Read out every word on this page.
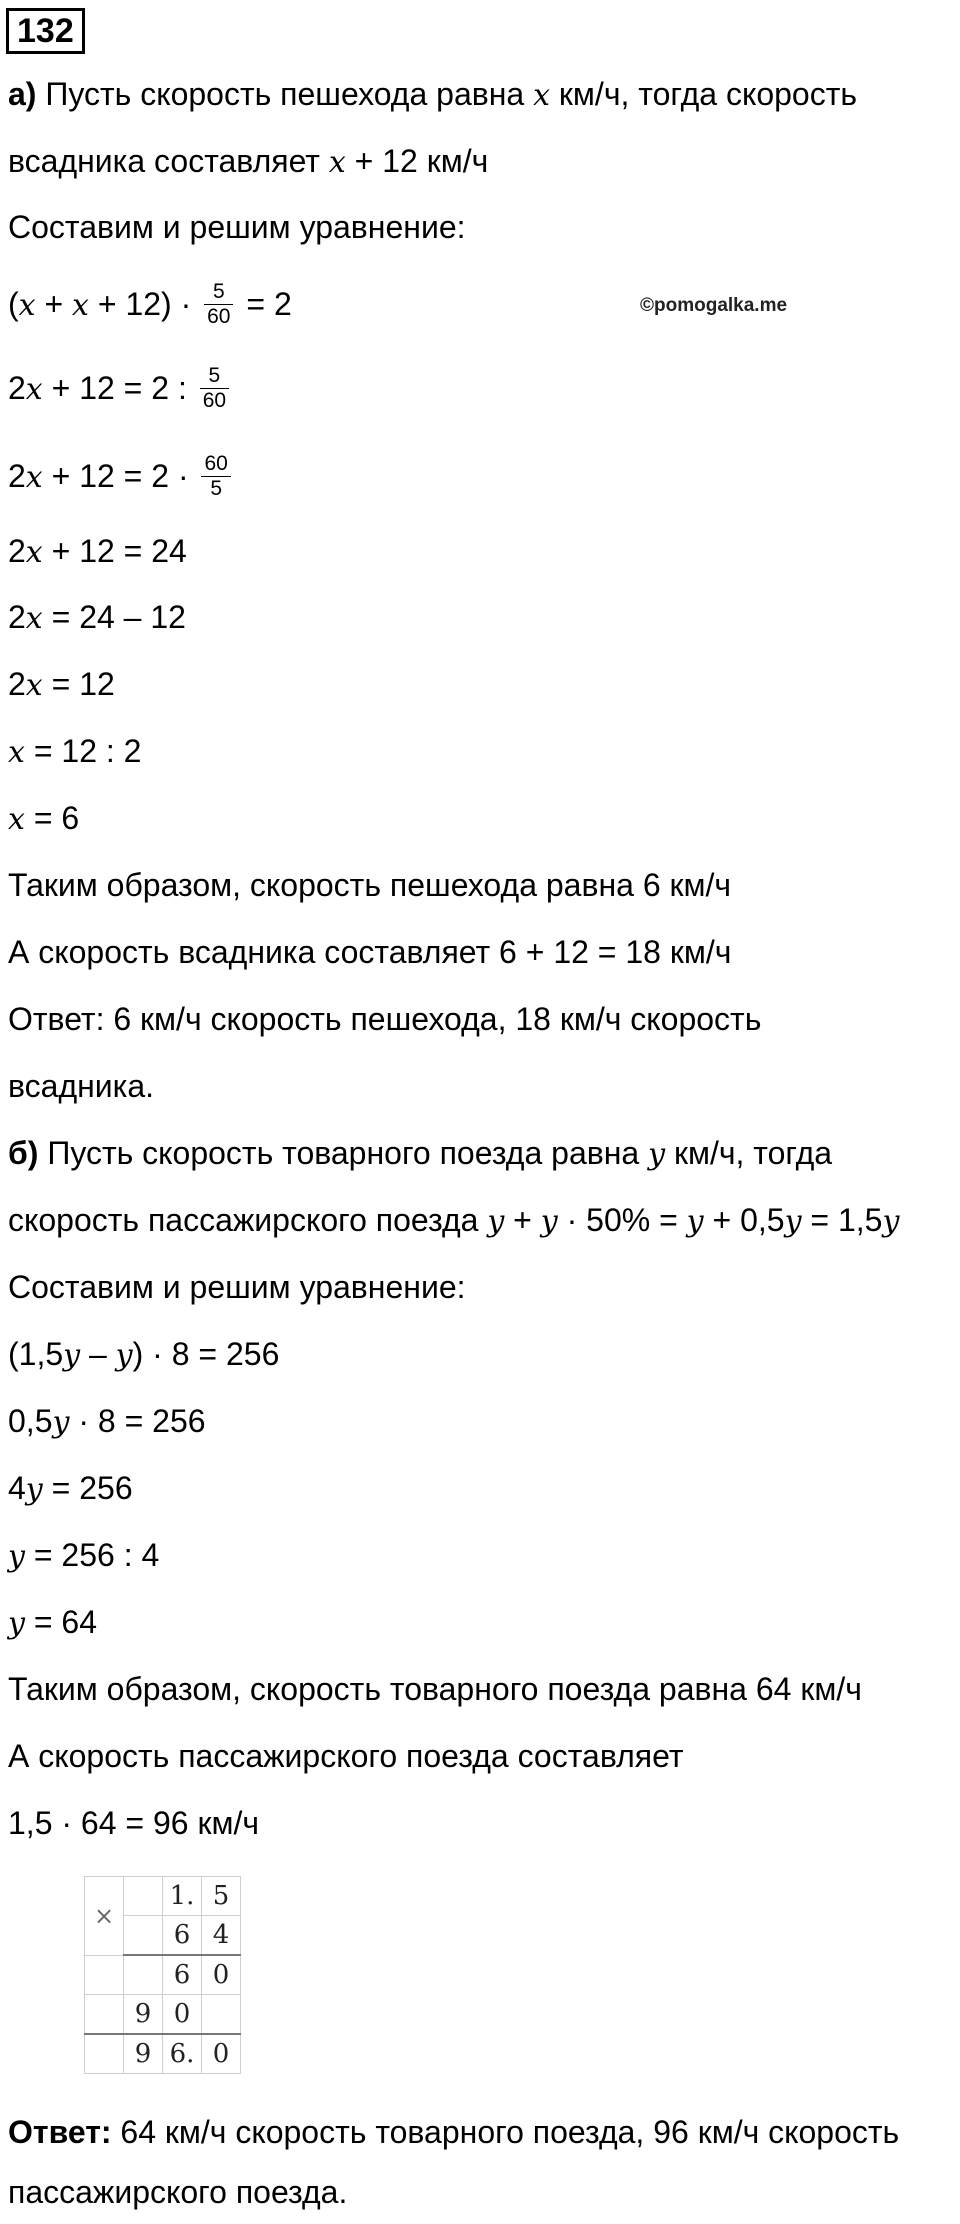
132
©pomogalka.me
а) Пусть скорость пешехода равна x км/ч, тогда скорость
всадника составляет x + 12 км/ч
Составим и решим уравнение:
$(x + x + 12) \cdot \frac{5}{60} = 2$
2x + 12 = 2 : $\frac{5}{60}$
$2x + 12 = 2 \cdot \frac{60}{5}$
2x + 12 = 24
2x = 24 – 12
2x = 12
x = 12 : 2
x = 6
Таким образом, скорость пешехода равна 6 км/ч
А скорость всадника составляет 6 + 12 = 18 км/ч
Ответ: 6 км/ч скорость пешехода, 18 км/ч скорость
всадника.
б) Пусть скорость товарного поезда равна y км/ч, тогда
скорость пассажирского поезда y + y · 50% = y + 0,5y = 1,5y
Составим и решим уравнение:
(1,5y – y) · 8 = 256
0,5y · 8 = 256
4y = 256
y = 256 : 4
y = 64
Таким образом, скорость товарного поезда равна 64 км/ч
А скорость пассажирского поезда составляет
1,5 · 64 = 96 км/ч
×		1.	5
		6	4
		6	0
	9	0	
	9	6.	0
Ответ: 64 км/ч скорость товарного поезда, 96 км/ч скорость
пассажирского поезда.
